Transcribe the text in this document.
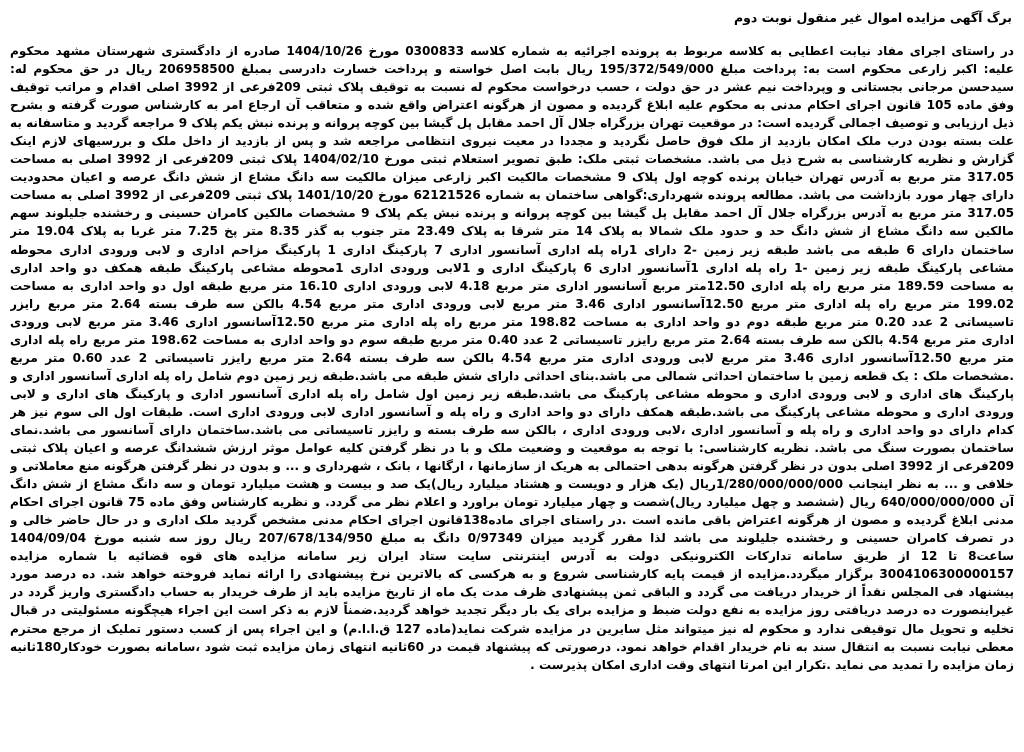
برگ آگهی مزایده اموال غیر منقول نوبت دوم
در راستای اجرای مفاد نیابت اعطایی به کلاسه مربوط به پرونده اجرائیه به شماره کلاسه 0300833 مورخ 1404/10/26 صادره از دادگستری شهرستان مشهد محکوم
علیه: اکبر زارعی محکوم است به: پرداخت مبلغ 195/372/549/000 ریال بابت اصل خواسته و پرداخت خسارت دادرسی بمبلغ 206958500 ریال در حق محکوم له:
سیدحسن مرجانی بجستانی و وپرداخت نیم عشر در حق دولت ، حسب درخواست محکوم له نسبت به توقیف پلاک ثبتی 209فرعی از 3992 اصلی اقدام و مراتب توقیف
وفق ماده 105 قانون اجرای احکام مدنی به محکوم علیه ابلاغ گردیده و مصون از هرگونه اعتراض واقع شده و متعاقب آن ارجاع امر به کارشناس صورت گرفته و بشرح
ذیل ارزیابی و توصیف اجمالی گردیده است: در موقعیت تهران بزرگراه جلال آل احمد مقابل پل گیشا بین کوچه پروانه و پرنده نبش یکم پلاک 9 مراجعه گردید و متاسفانه به
علت بسته بودن درب ملک امکان بازدید از ملک فوق حاصل نگردید و مجددا در معیت نیروی انتظامی مراجعه شد و پس از بازدید از داخل ملک و بررسیهای لازم اینک
گزارش و نظریه کارشناسی به شرح ذیل می باشد. مشخصات ثبتی ملک: طبق تصویر استعلام ثبتی مورخ 1404/02/10 پلاک ثبتی 209فرعی از 3992 اصلی به مساحت
317.05 متر مربع به آدرس تهران خیابان پرنده کوچه اول پلاک 9 مشخصات مالکیت اکبر زارعی میزان مالکیت سه دانگ مشاع از شش دانگ عرصه و اعیان محدودیت
دارای چهار مورد بازداشت می باشد. مطالعه پرونده شهرداری:گواهی ساختمان به شماره 62121526 مورخ 1401/10/20 پلاک ثبتی 209فرعی از 3992 اصلی به مساحت
317.05 متر مربع به آدرس بزرگراه جلال آل احمد مقابل پل گیشا بین کوچه پروانه و پرنده نبش یکم پلاک 9 مشخصات مالکین کامران حسینی و رخشنده جلیلوند سهم
مالکین سه دانگ مشاع از شش دانگ حد و حدود ملک شمالا به پلاک 14 متر شرقا به پلاک 23.49 متر جنوب به گذر 8.35 متر پخ 7.25 متر غربا به پلاک 19.04 متر
ساختمان دارای 6 طبقه می باشد طبقه زیر زمین -2 دارای 1راه پله اداری آسانسور اداری 7 پارکینگ اداری 1 پارکینگ مزاحم اداری و لابی ورودی اداری محوطه
مشاعی پارکینگ طبقه زیر زمین -1 راه پله اداری 1آسانسور اداری 6 پارکینگ اداری و 1لابی ورودی اداری 1محوطه مشاعی پارکینگ طبقه همکف دو واحد اداری
به مساحت 189.59 متر مربع راه پله اداری 12.50متر مربع آسانسور اداری متر مربع 4.18 لابی ورودی اداری 16.10 متر مربع طبقه اول دو واحد اداری به مساحت
199.02 متر مربع راه پله اداری متر مربع 12.50آسانسور اداری 3.46 متر مربع لابی ورودی اداری متر مربع 4.54 بالکن سه طرف بسته 2.64 متر مربع رایزر
تاسیساتی 2 عدد 0.20 متر مربع طبقه دوم دو واحد اداری به مساحت 198.82 متر مربع راه پله اداری متر مربع 12.50آسانسور اداری 3.46 متر مربع لابی ورودی
اداری متر مربع 4.54 بالکن سه طرف بسته 2.64 متر مربع رایزر تاسیساتی 2 عدد 0.40 متر مربع طبقه سوم دو واحد اداری به مساحت 198.62 متر مربع راه پله اداری
متر مربع 12.50آسانسور اداری 3.46 متر مربع لابی ورودی اداری متر مربع 4.54 بالکن سه طرف بسته 2.64 متر مربع رایزر تاسیساتی 2 عدد 0.60 متر مربع
.مشخصات ملک : یک قطعه زمین با ساختمان احداثی شمالی می باشد.بنای احداثی دارای شش طبقه می باشد.طبقه زیر زمین دوم شامل راه پله اداری آسانسور اداری و
پارکینگ های اداری و لابی ورودی اداری و محوطه مشاعی پارکینگ می باشد.طبقه زیر زمین اول شامل راه پله اداری آسانسور اداری و پارکینگ های اداری و لابی
ورودی اداری و محوطه مشاعی پارکینگ می باشد.طبقه همکف دارای دو واحد اداری و راه پله و آسانسور اداری لابی ورودی اداری است. طبقات اول الی سوم نیز هر
کدام دارای دو واحد اداری و راه پله و آسانسور اداری ،لابی ورودی اداری ، بالکن سه طرف بسته و رایزر تاسیساتی می باشد.ساختمان دارای آسانسور می باشد.نمای
ساختمان بصورت سنگ می باشد. نظریه کارشناسی: با توجه به موقعیت و وضعیت ملک و با در نظر گرفتن کلیه عوامل موثر ارزش ششدانگ عرصه و اعیان پلاک ثبتی
209فرعی از 3992 اصلی بدون در نظر گرفتن هرگونه بدهی احتمالی به هریک از سازمانها ، ارگانها ، بانک ، شهرداری و ... و بدون در نظر گرفتن هرگونه منع معاملاتی و
خلافی و ... به نظر اینجانب 1/280/000/000/000ریال (یک هزار و دویست و هشتاد میلیارد ریال)یک صد و بیست و هشت میلیارد تومان و سه دانگ مشاع از شش دانگ
آن 640/000/000/000 ریال (ششصد و چهل میلیارد ریال)شصت و چهار میلیارد تومان براورد و اعلام نظر می گردد. و نظریه کارشناس وفق ماده 75 قانون اجرای احکام
مدنی ابلاغ گردیده و مصون از هرگونه اعتراض باقی مانده است .در راستای اجرای ماده138قانون اجرای احکام مدنی مشخص گردید ملک اداری و در حال حاضر خالی و
در تصرف کامران حسینی و رخشنده جلیلوند می باشد لذا مقرر گردید میزان 0/97349 دانگ به مبلغ 207/678/134/950 ریال روز سه شنبه مورخ 1404/09/04
ساعت8 تا 12 از طریق سامانه تدارکات الکترونیکی دولت به آدرس اینترنتی سایت ستاد ایران زیر سامانه مزایده های قوه قضائیه با شماره مزایده
3004106300000157 برگزار میگردد.مزایده از قیمت پایه کارشناسی شروع و به هرکسی که بالاترین نرخ پیشنهادی را ارائه نماید فروخته خواهد شد. ده درصد مورد
پیشنهاد فی المجلس نقداً از خریدار دریافت می گردد و الباقی ثمن پیشنهادی ظرف مدت یک ماه از تاریخ مزایده باید از طرف خریدار به حساب دادگستری واریز گردد در
غیراینصورت ده درصد دریافتی روز مزایده به نفع دولت ضبط و مزایده برای یک بار دیگر تجدید خواهد گردید.ضمناً لازم به ذکر است این اجراء هیچگونه مسئولیتی در قبال
تخلیه و تحویل مال توقیفی ندارد و محکوم له نیز میتواند مثل سایرین در مزایده شرکت نماید(ماده 127 ق.ا.ا.م) و این اجراء پس از کسب دستور تملیک از مرجع محترم
معطی نیابت نسبت به انتقال سند به نام خریدار اقدام خواهد نمود. درصورتی که پیشنهاد قیمت در 60ثانیه انتهای زمان مزایده ثبت شود ،سامانه بصورت خودکار180ثانیه
زمان مزایده را تمدید می نماید .تکرار این امرتا انتهای وقت اداری امکان پذیرست .
